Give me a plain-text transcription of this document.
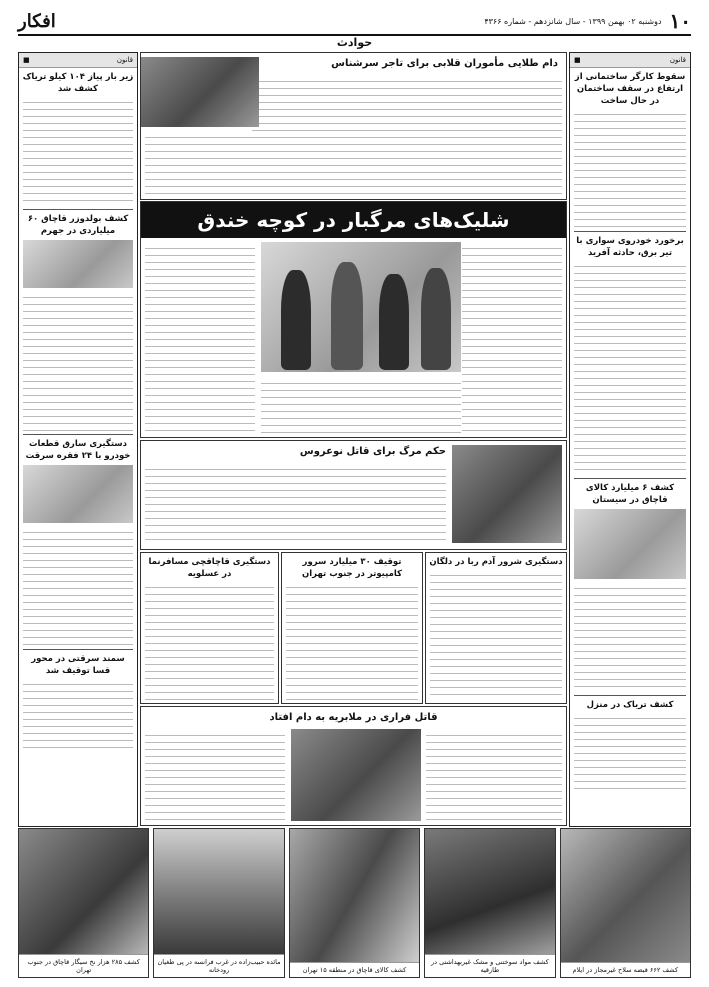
۱۰
دوشنبه ۰۲ بهمن ۱۳۹۹ - سال شانزدهم - شماره ۴۳۶۶
افکار
حوادث
قانون
■
سقوط کارگر ساختمانی از ارتفاع در سقف ساختمان در حال ساخت
برخورد خودروی سواری با تیر برق، حادثه آفرید
کشف ۶ میلیارد کالای قاچاق در سیستان
کشف تریاک در منزل
قانون
■
زیر بار پیاز ۱۰۴ کیلو تریاک کشف شد
کشف بولدوزر قاچاق ۶۰ میلیاردی در جهرم
دستگیری سارق قطعات خودرو با ۲۴ فقره سرقت
سمند سرقتی در محور قسا توقیف شد
دام طلایی مأموران قلابی برای تاجر سرشناس
شلیک‌های مرگبار در کوچه خندق
حکم مرگ برای قاتل نوعروس
دستگیری شرور آدم ربا در دلگان
توقیف ۳۰ میلیارد سرور کامپیوتر در جنوب تهران
دستگیری قاچاقچی مسافرنما در عسلویه
قاتل فراری در ملابریه به دام افتاد
کشف ۶۶۲ قبضه سلاح غیرمجاز در ایلام
کشف مواد سوختنی و مشک غیربهداشتی در طارقیه
کشف کالای قاچاق در منطقه ۱۵ تهران
مائده حبیب‌زاده در غرب فرانسه در پی طغیان رودخانه
کشف ۲۸۵ هزار نخ سیگار قاچاق در جنوب تهران
